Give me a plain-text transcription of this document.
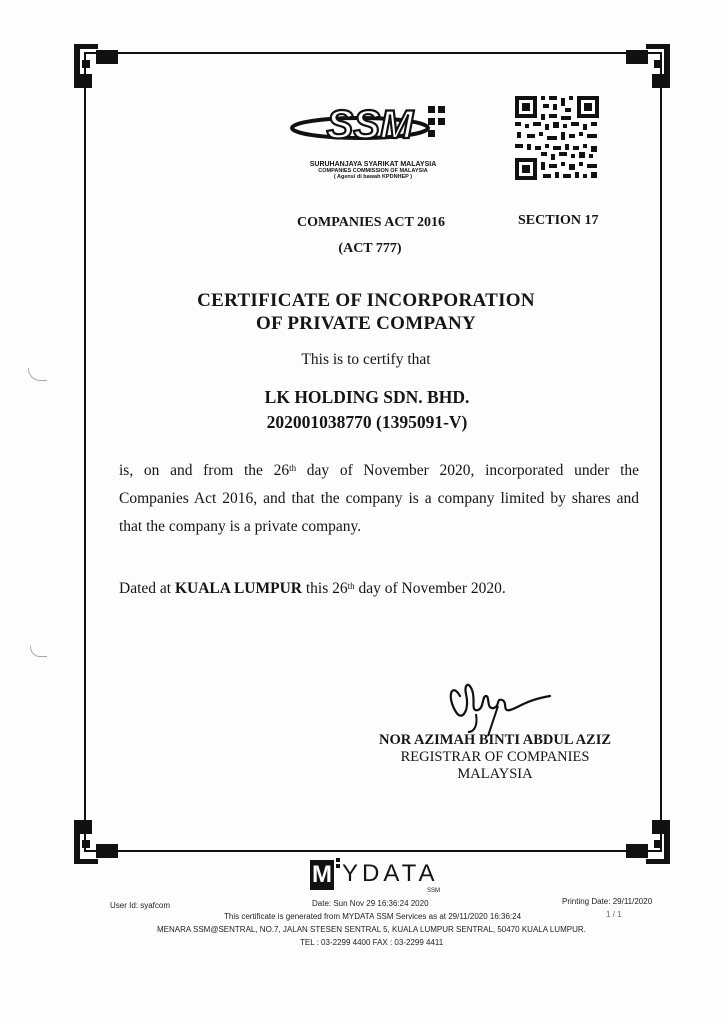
SSM
SURUHANJAYA SYARIKAT MALAYSIA
COMPANIES COMMISSION OF MALAYSIA
( Agensi di bawah KPDNHEP )
COMPANIES ACT 2016	SECTION 17
(ACT 777)
CERTIFICATE OF INCORPORATION
OF PRIVATE COMPANY
This is to certify that
LK HOLDING SDN. BHD.
202001038770 (1395091-V)
is, on and from the 26th day of November 2020, incorporated under the
Companies Act 2016, and that the company is a company limited by shares and
that the company is a private company.
Dated at KUALA LUMPUR this 26th day of November 2020.
NOR AZIMAH BINTI ABDUL AZIZ
REGISTRAR OF COMPANIES
MALAYSIA
M YDATA
SSM
User Id: syafcom	Date: Sun Nov 29 16:36:24 2020	Printing Date: 29/11/2020
This certificate is generated from MYDATA SSM Services as at 29/11/2020 16:36:24	1 / 1
MENARA SSM@SENTRAL, NO.7, JALAN STESEN SENTRAL 5, KUALA LUMPUR SENTRAL, 50470 KUALA LUMPUR.
TEL : 03-2299 4400 FAX : 03-2299 4411
